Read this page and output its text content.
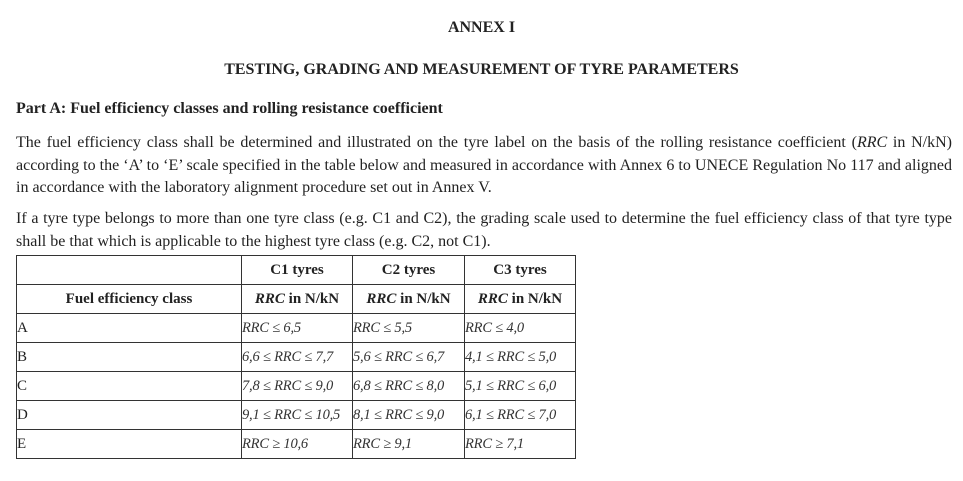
ANNEX I
TESTING, GRADING AND MEASUREMENT OF TYRE PARAMETERS
Part A: Fuel efficiency classes and rolling resistance coefficient
The fuel efficiency class shall be determined and illustrated on the tyre label on the basis of the rolling resistance coefficient (RRC in N/kN) according to the ‘A’ to ‘E’ scale specified in the table below and measured in accordance with Annex 6 to UNECE Regulation No 117 and aligned in accordance with the laboratory alignment procedure set out in Annex V.
If a tyre type belongs to more than one tyre class (e.g. C1 and C2), the grading scale used to determine the fuel efficiency class of that tyre type shall be that which is applicable to the highest tyre class (e.g. C2, not C1).
	C1 tyres	C2 tyres	C3 tyres
Fuel efficiency class	RRC in N/kN	RRC in N/kN	RRC in N/kN
A	RRC ≤ 6,5	RRC ≤ 5,5	RRC ≤ 4,0
B	6,6 ≤ RRC ≤ 7,7	5,6 ≤ RRC ≤ 6,7	4,1 ≤ RRC ≤ 5,0
C	7,8 ≤ RRC ≤ 9,0	6,8 ≤ RRC ≤ 8,0	5,1 ≤ RRC ≤ 6,0
D	9,1 ≤ RRC ≤ 10,5	8,1 ≤ RRC ≤ 9,0	6,1 ≤ RRC ≤ 7,0
E	RRC ≥ 10,6	RRC ≥ 9,1	RRC ≥ 7,1
